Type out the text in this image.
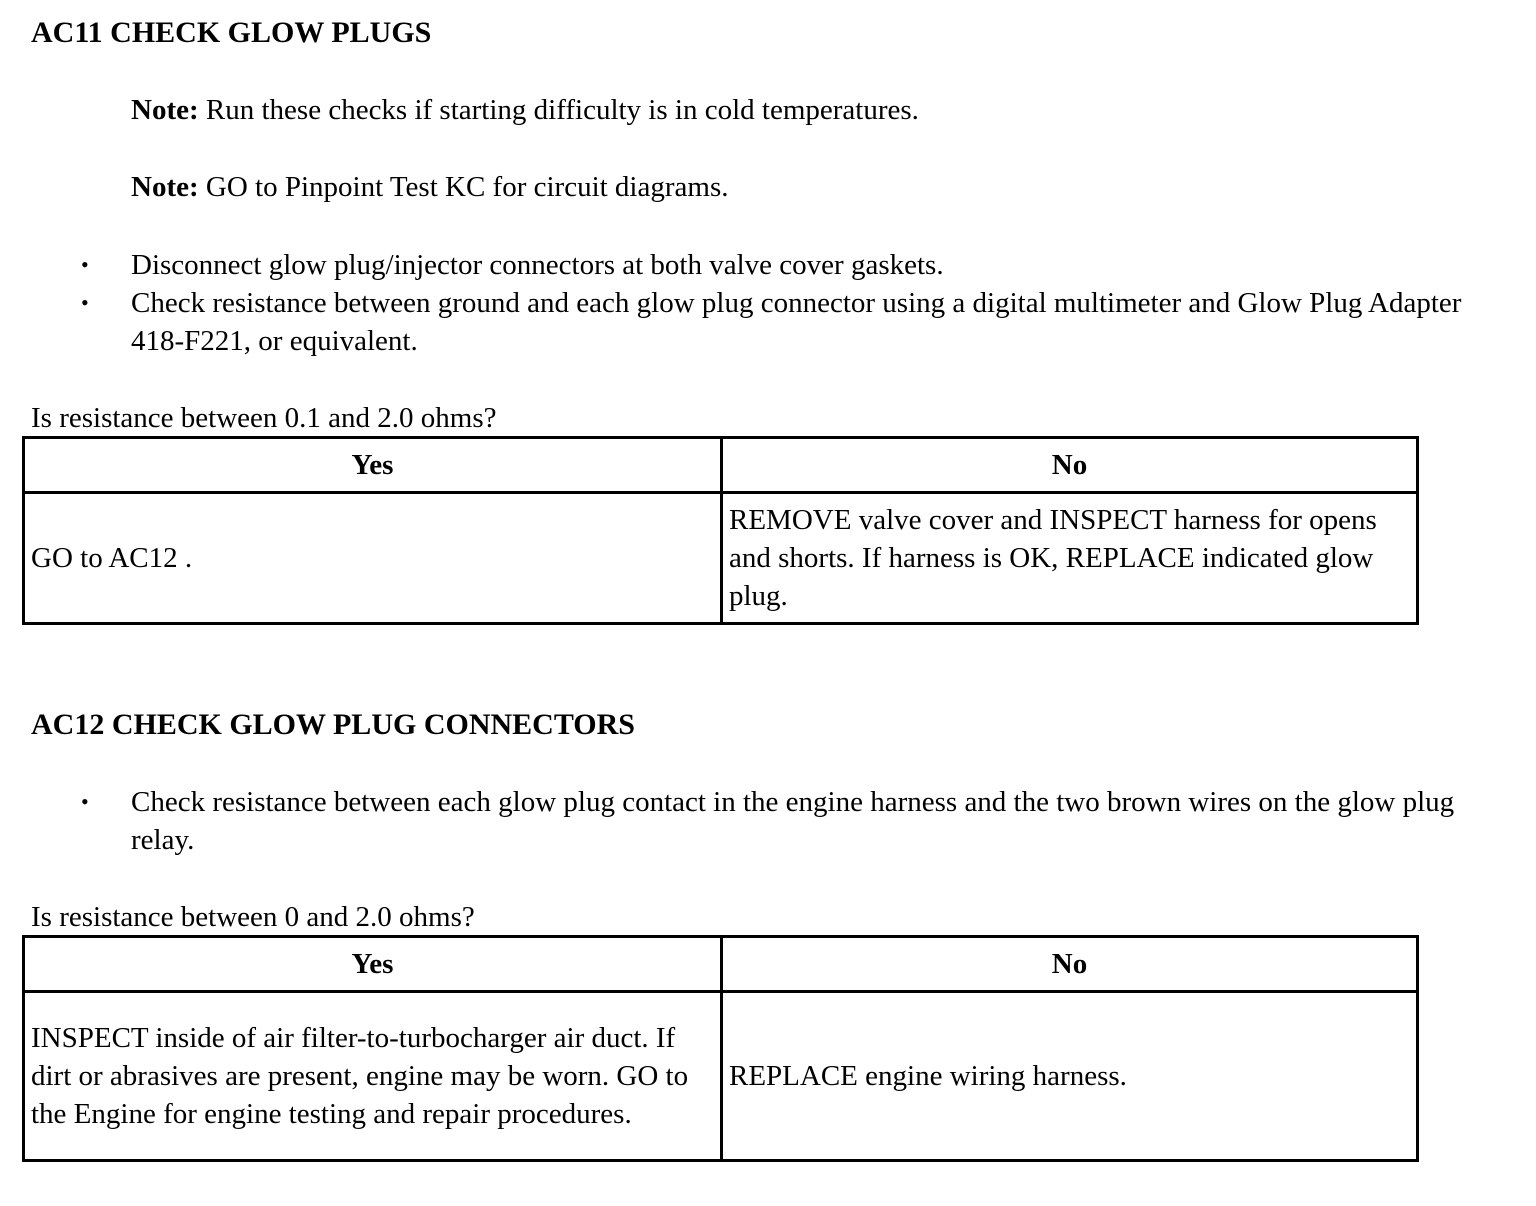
AC11 CHECK GLOW PLUGS
Note: Run these checks if starting difficulty is in cold temperatures.
Note: GO to Pinpoint Test KC for circuit diagrams.
• Disconnect glow plug/injector connectors at both valve cover gaskets.
• Check resistance between ground and each glow plug connector using a digital multimeter and Glow Plug Adapter 418-F221, or equivalent.
Is resistance between 0.1 and 2.0 ohms?
Yes	No
GO to AC12 .	REMOVE valve cover and INSPECT harness for opens and shorts. If harness is OK, REPLACE indicated glow plug.
AC12 CHECK GLOW PLUG CONNECTORS
• Check resistance between each glow plug contact in the engine harness and the two brown wires on the glow plug relay.
Is resistance between 0 and 2.0 ohms?
Yes	No
INSPECT inside of air filter-to-turbocharger air duct. If dirt or abrasives are present, engine may be worn. GO to the Engine for engine testing and repair procedures.	REPLACE engine wiring harness.
